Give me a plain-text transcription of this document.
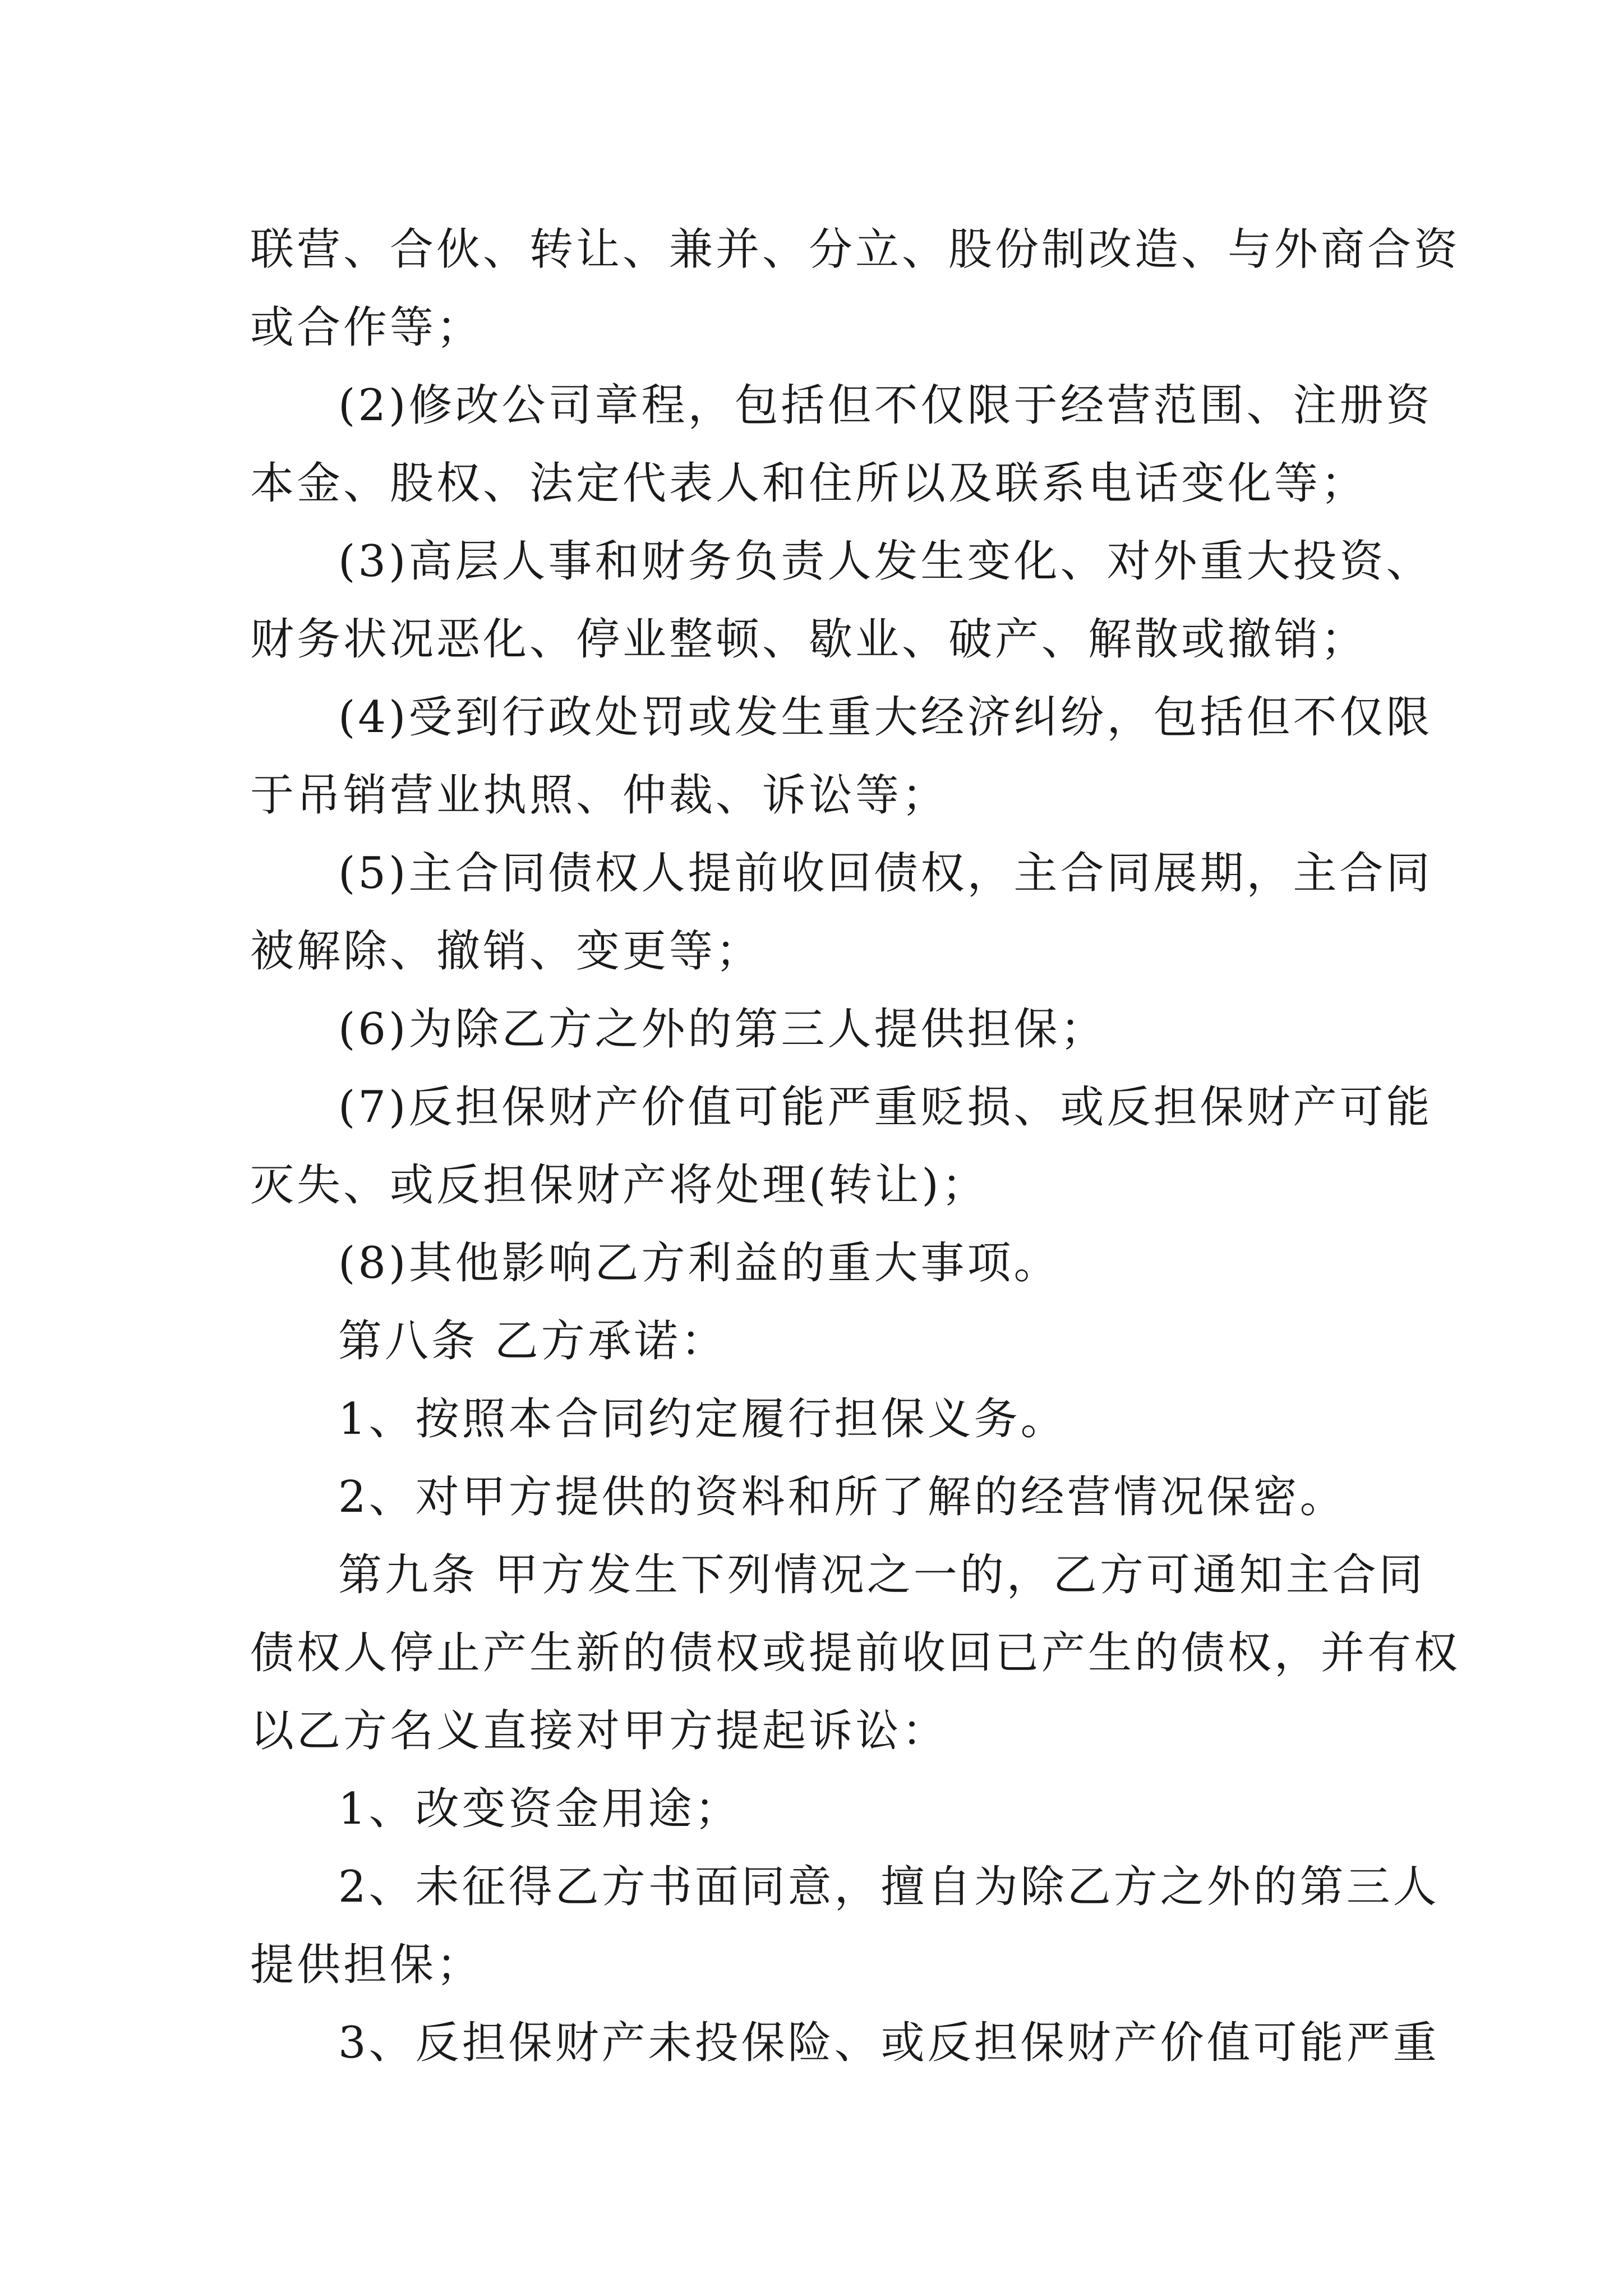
联营、合伙、转让、兼并、分立、股份制改造、与外商合资
或合作等；
(2)修改公司章程，包括但不仅限于经营范围、注册资
本金、股权、法定代表人和住所以及联系电话变化等；
(3)高层人事和财务负责人发生变化、对外重大投资、
财务状况恶化、停业整顿、歇业、破产、解散或撤销；
(4)受到行政处罚或发生重大经济纠纷，包括但不仅限
于吊销营业执照、仲裁、诉讼等；
(5)主合同债权人提前收回债权，主合同展期，主合同
被解除、撤销、变更等；
(6)为除乙方之外的第三人提供担保；
(7)反担保财产价值可能严重贬损、或反担保财产可能
灭失、或反担保财产将处理(转让)；
(8)其他影响乙方利益的重大事项。
第八条 乙方承诺：
1、按照本合同约定履行担保义务。
2、对甲方提供的资料和所了解的经营情况保密。
第九条 甲方发生下列情况之一的，乙方可通知主合同
债权人停止产生新的债权或提前收回已产生的债权，并有权
以乙方名义直接对甲方提起诉讼：
1、改变资金用途；
2、未征得乙方书面同意，擅自为除乙方之外的第三人
提供担保；
3、反担保财产未投保险、或反担保财产价值可能严重
